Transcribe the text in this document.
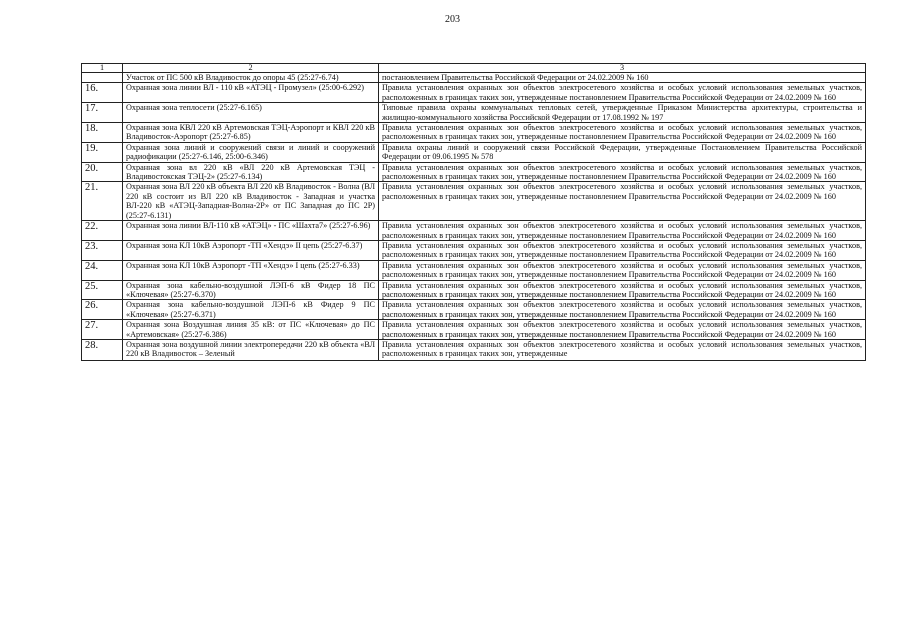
203
1	2	3
	Участок от ПС 500 кВ Владивосток до опоры 45 (25:27-6.74)	постановлением Правительства Российской Федерации от 24.02.2009 № 160
16.	Охранная зона линии ВЛ - 110 кВ «АТЭЦ - Промузел» (25:00-6.292)	Правила установления охранных зон объектов электросетевого хозяйства и особых условий использования земельных участков, расположенных в границах таких зон, утвержденные постановлением Правительства Российской Федерации от 24.02.2009 № 160
17.	Охранная зона теплосети (25:27-6.165)	Типовые правила охраны коммунальных тепловых сетей, утвержденные Приказом Министерства архитектуры, строительства и жилищно-коммунального хозяйства Российской Федерации от 17.08.1992 № 197
18.	Охранная зона КВЛ 220 кВ Артемовская ТЭЦ-Аэропорт и КВЛ 220 кВ Владивосток-Аэропорт (25:27-6.85)	Правила установления охранных зон объектов электросетевого хозяйства и особых условий использования земельных участков, расположенных в границах таких зон, утвержденные постановлением Правительства Российской Федерации от 24.02.2009 № 160
19.	Охранная зона линий и сооружений связи и линий и сооружений радиофикации (25:27-6.146, 25:00-6.346)	Правила охраны линий и сооружений связи Российской Федерации, утвержденные Постановлением Правительства Российской Федерации от 09.06.1995 № 578
20.	Охранная зона вл 220 кВ «ВЛ 220 кВ Артемовская ТЭЦ - Владивостокская ТЭЦ-2» (25:27-6.134)	Правила установления охранных зон объектов электросетевого хозяйства и особых условий использования земельных участков, расположенных в границах таких зон, утвержденные постановлением Правительства Российской Федерации от 24.02.2009 № 160
21.	Охранная зона ВЛ 220 кВ объекта ВЛ 220 кВ Владивосток - Волна (ВЛ 220 кВ состоит из ВЛ 220 кВ Владивосток - Западная и участка ВЛ-220 кВ «АТЭЦ-Западная-Волна-2Р» от ПС Западная до ПС 2Р) (25:27-6.131)	Правила установления охранных зон объектов электросетевого хозяйства и особых условий использования земельных участков, расположенных в границах таких зон, утвержденные постановлением Правительства Российской Федерации от 24.02.2009 № 160
22.	Охранная зона линии ВЛ-110 кВ «АТЭЦ» - ПС «Шахта7» (25:27-6.96)	Правила установления охранных зон объектов электросетевого хозяйства и особых условий использования земельных участков, расположенных в границах таких зон, утвержденные постановлением Правительства Российской Федерации от 24.02.2009 № 160
23.	Охранная зона КЛ 10кВ Аэропорт -ТП «Хендэ» II цепь (25:27-6.37)	Правила установления охранных зон объектов электросетевого хозяйства и особых условий использования земельных участков, расположенных в границах таких зон, утвержденные постановлением Правительства Российской Федерации от 24.02.2009 № 160
24.	Охранная зона КЛ 10кВ Аэропорт -ТП «Хендэ» I цепь (25:27-6.33)	Правила установления охранных зон объектов электросетевого хозяйства и особых условий использования земельных участков, расположенных в границах таких зон, утвержденные постановлением Правительства Российской Федерации от 24.02.2009 № 160
25.	Охранная зона кабельно-воздушной ЛЭП-6 кВ Фидер 18 ПС «Ключевая» (25:27-6.370)	Правила установления охранных зон объектов электросетевого хозяйства и особых условий использования земельных участков, расположенных в границах таких зон, утвержденные постановлением Правительства Российской Федерации от 24.02.2009 № 160
26.	Охранная зона кабельно-воздушной ЛЭП-6 кВ Фидер 9 ПС «Ключевая» (25:27-6.371)	Правила установления охранных зон объектов электросетевого хозяйства и особых условий использования земельных участков, расположенных в границах таких зон, утвержденные постановлением Правительства Российской Федерации от 24.02.2009 № 160
27.	Охранная зона Воздушная линия 35 кВ: от ПС «Ключевая» до ПС «Артемовская» (25:27-6.386)	Правила установления охранных зон объектов электросетевого хозяйства и особых условий использования земельных участков, расположенных в границах таких зон, утвержденные постановлением Правительства Российской Федерации от 24.02.2009 № 160
28.	Охранная зона воздушной линии электропередачи 220 кВ объекта «ВЛ 220 кВ Владивосток – Зеленый	Правила установления охранных зон объектов электросетевого хозяйства и особых условий использования земельных участков, расположенных в границах таких зон, утвержденные
